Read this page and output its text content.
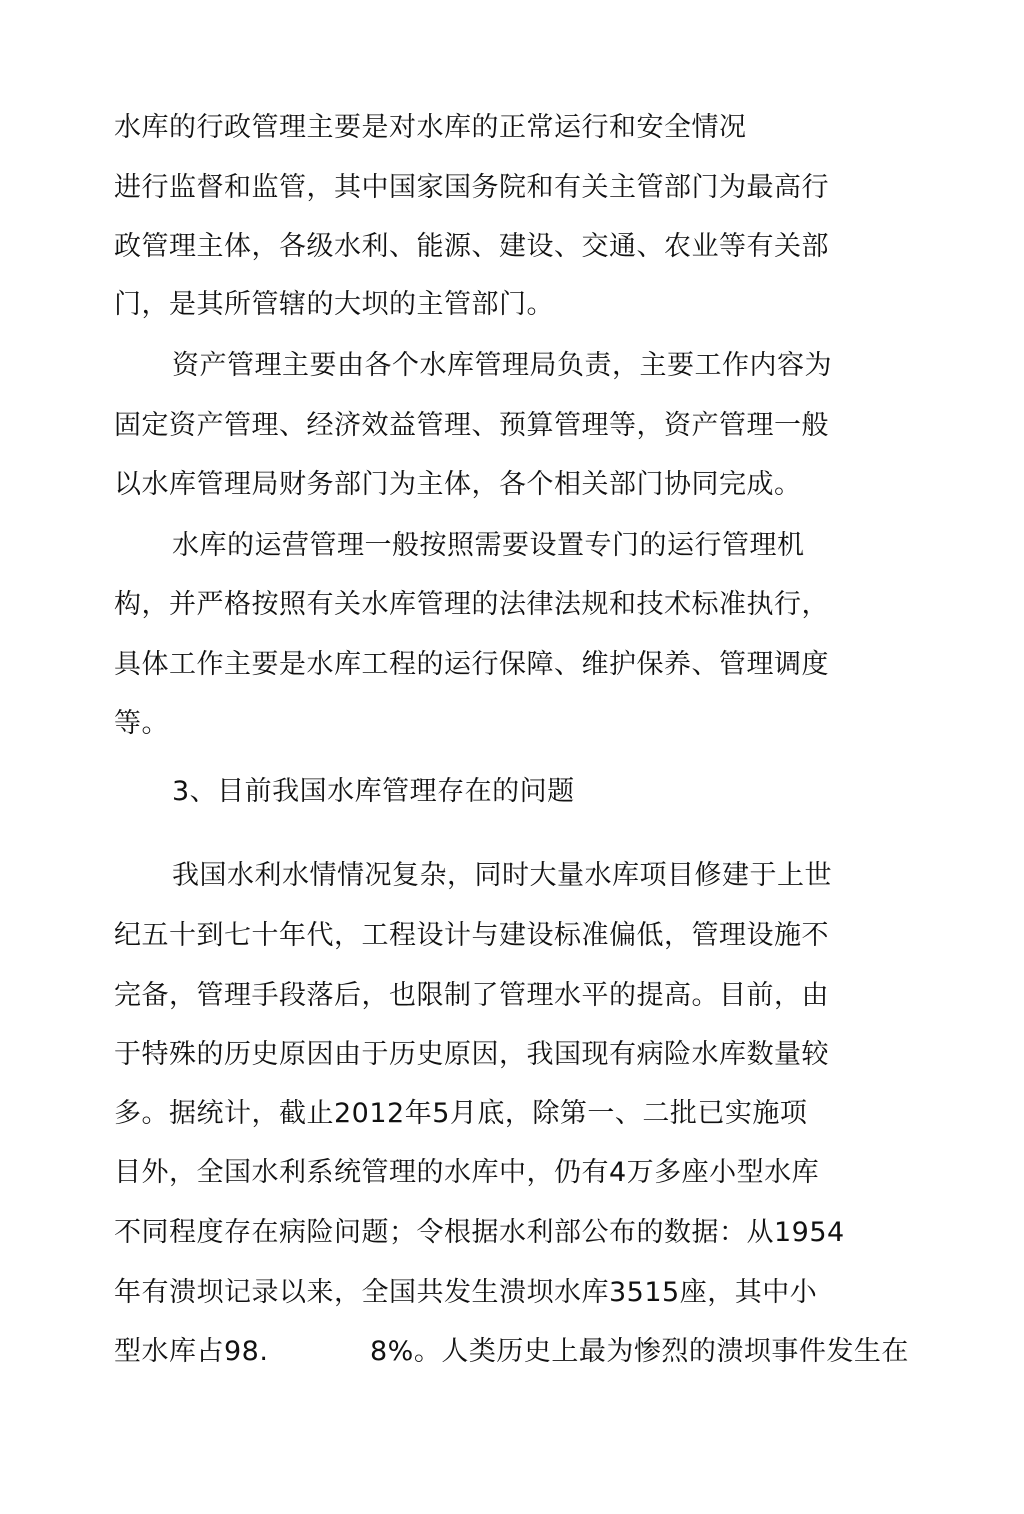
水库的行政管理主要是对水库的正常运行和安全情况
进行监督和监管，其中国家国务院和有关主管部门为最高行
政管理主体，各级水利、能源、建设、交通、农业等有关部
门，是其所管辖的大坝的主管部门。
资产管理主要由各个水库管理局负责，主要工作内容为
固定资产管理、经济效益管理、预算管理等，资产管理一般
以水库管理局财务部门为主体，各个相关部门协同完成。
水库的运营管理一般按照需要设置专门的运行管理机
构，并严格按照有关水库管理的法律法规和技术标准执行，
具体工作主要是水库工程的运行保障、维护保养、管理调度
等。
3、目前我国水库管理存在的问题
我国水利水情情况复杂，同时大量水库项目修建于上世
纪五十到七十年代，工程设计与建设标准偏低，管理设施不
完备，管理手段落后，也限制了管理水平的提高。目前，由
于特殊的历史原因由于历史原因，我国现有病险水库数量较
多。据统计，截止2012年5月底，除第一、二批已实施项
目外，全国水利系统管理的水库中，仍有4万多座小型水库
不同程度存在病险问题；令根据水利部公布的数据：从1954
年有溃坝记录以来，全国共发生溃坝水库3515座，其中小
型水库占98.	8%。人类历史上最为惨烈的溃坝事件发生在
